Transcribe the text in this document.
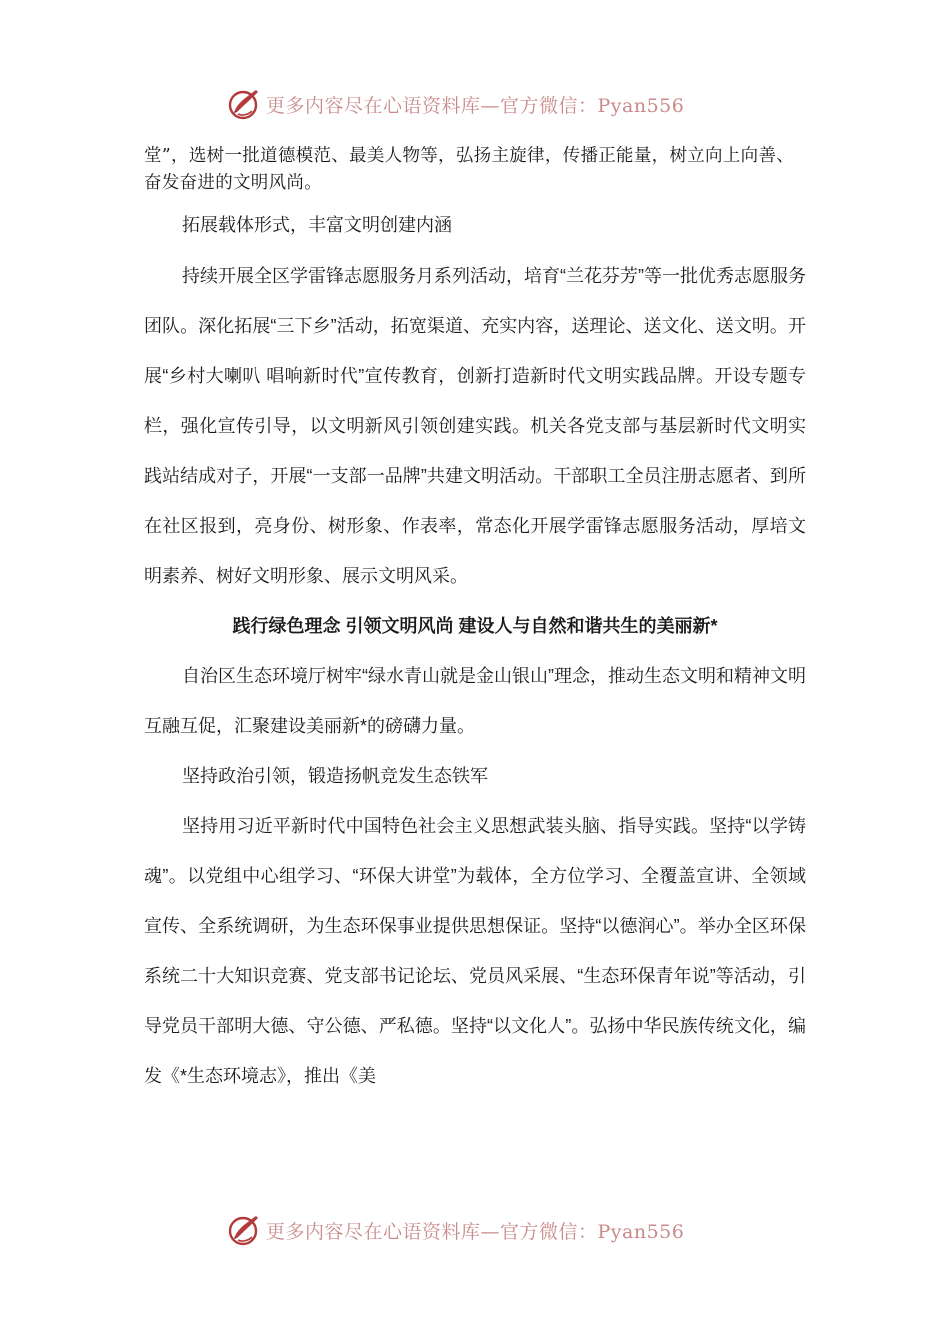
更多内容尽在心语资料库—官方微信：Pyan556

堂”，选树一批道德模范、最美人物等，弘扬主旋律，传播正能量，树立向上向善、奋发奋进的文明风尚。

拓展载体形式，丰富文明创建内涵

持续开展全区学雷锋志愿服务月系列活动，培育“兰花芬芳”等一批优秀志愿服务团队。深化拓展“三下乡”活动，拓宽渠道、充实内容，送理论、送文化、送文明。开展“乡村大喇叭 唱响新时代”宣传教育，创新打造新时代文明实践品牌。开设专题专栏，强化宣传引导，以文明新风引领创建实践。机关各党支部与基层新时代文明实践站结成对子，开展“一支部一品牌”共建文明活动。干部职工全员注册志愿者、到所在社区报到，亮身份、树形象、作表率，常态化开展学雷锋志愿服务活动，厚培文明素养、树好文明形象、展示文明风采。

践行绿色理念 引领文明风尚 建设人与自然和谐共生的美丽新*

自治区生态环境厅树牢“绿水青山就是金山银山”理念，推动生态文明和精神文明互融互促，汇聚建设美丽新*的磅礴力量。

坚持政治引领，锻造扬帆竞发生态铁军

坚持用习近平新时代中国特色社会主义思想武装头脑、指导实践。坚持“以学铸魂”。以党组中心组学习、“环保大讲堂”为载体，全方位学习、全覆盖宣讲、全领域宣传、全系统调研，为生态环保事业提供思想保证。坚持“以德润心”。举办全区环保系统二十大知识竞赛、党支部书记论坛、党员风采展、“生态环保青年说”等活动，引导党员干部明大德、守公德、严私德。坚持“以文化人”。弘扬中华民族传统文化，编发《*生态环境志》，推出《美

更多内容尽在心语资料库—官方微信：Pyan556
